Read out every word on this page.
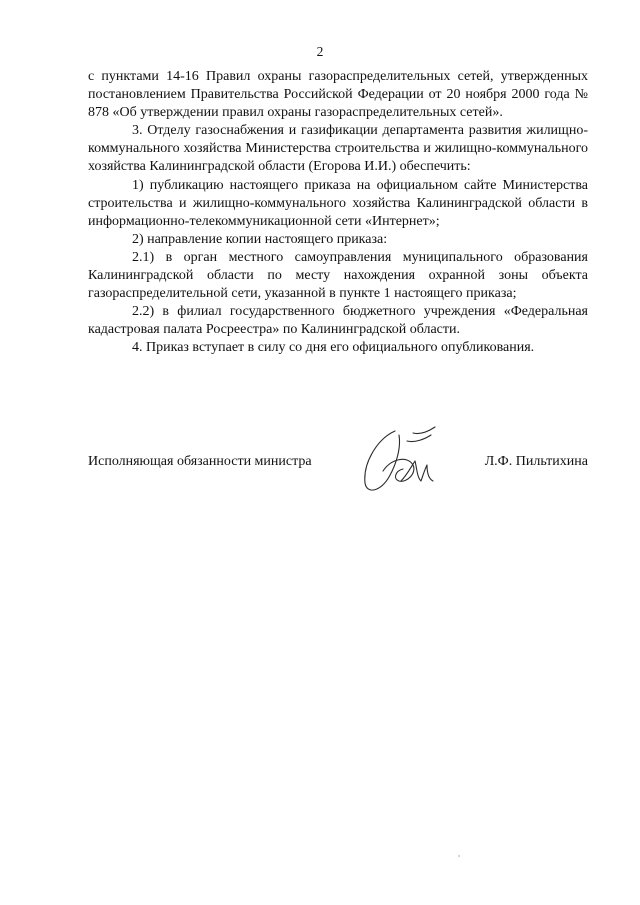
2

с пунктами 14-16 Правил охраны газораспределительных сетей, утвержденных постановлением Правительства Российской Федерации от 20 ноября 2000 года № 878 «Об утверждении правил охраны газораспределительных сетей».

3. Отделу газоснабжения и газификации департамента развития жилищно-коммунального хозяйства Министерства строительства и жилищно-коммунального хозяйства Калининградской области (Егорова И.И.) обеспечить:

1) публикацию настоящего приказа на официальном сайте Министерства строительства и жилищно-коммунального хозяйства Калининградской области в информационно-телекоммуникационной сети «Интернет»;

2) направление копии настоящего приказа:

2.1) в орган местного самоуправления муниципального образования Калининградской области по месту нахождения охранной зоны объекта газораспределительной сети, указанной в пункте 1 настоящего приказа;

2.2) в филиал государственного бюджетного учреждения «Федеральная кадастровая палата Росреестра» по Калининградской области.

4. Приказ вступает в силу со дня его официального опубликования.

Исполняющая обязанности министра	Л.Ф. Пильтихина
